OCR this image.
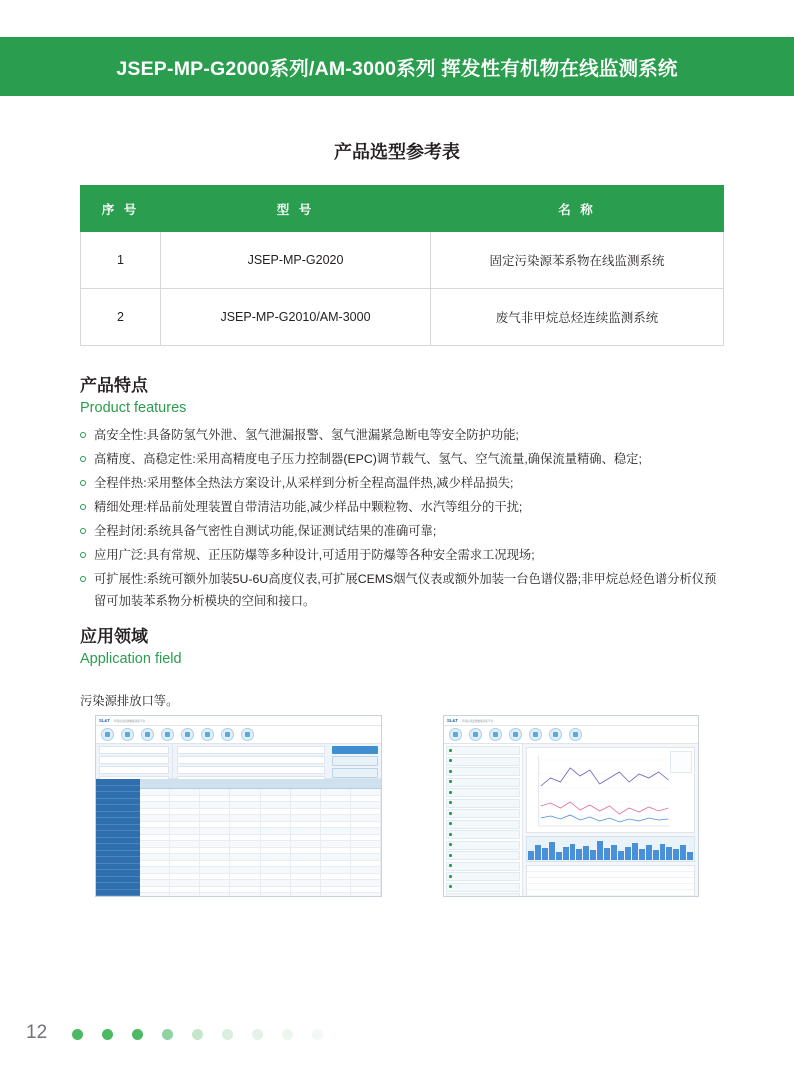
JSEP-MP-G2000系列/AM-3000系列 挥发性有机物在线监测系统
产品选型参考表
序 号	型 号	名 称
1	JSEP-MP-G2020	固定污染源苯系物在线监测系统
2	JSEP-MP-G2010/AM-3000	废气非甲烷总烃连续监测系统
产品特点
Product features
高安全性:具备防氢气外泄、氢气泄漏报警、氢气泄漏紧急断电等安全防护功能;
高精度、高稳定性:采用高精度电子压力控制器(EPC)调节载气、氢气、空气流量,确保流量精确、稳定;
全程伴热:采用整体全热法方案设计,从采样到分析全程高温伴热,减少样品损失;
精细处理:样品前处理装置自带清洁功能,减少样品中颗粒物、水汽等组分的干扰;
全程封闭:系统具备气密性自测试功能,保证测试结果的准确可靠;
应用广泛:具有常规、正压防爆等多种设计,可适用于防爆等各种安全需求工况现场;
可扩展性:系统可额外加装5U-6U高度仪表,可扩展CEMS烟气仪表或额外加装一台色谱仪器;非甲烷总烃色谱分析仪预留可加装苯系物分析模块的空间和接口。
应用领域
Application field
污染源排放口等。
SL&T 环保在线监测数据采集平台	SL&T 环保在线监测数据采集平台
12
